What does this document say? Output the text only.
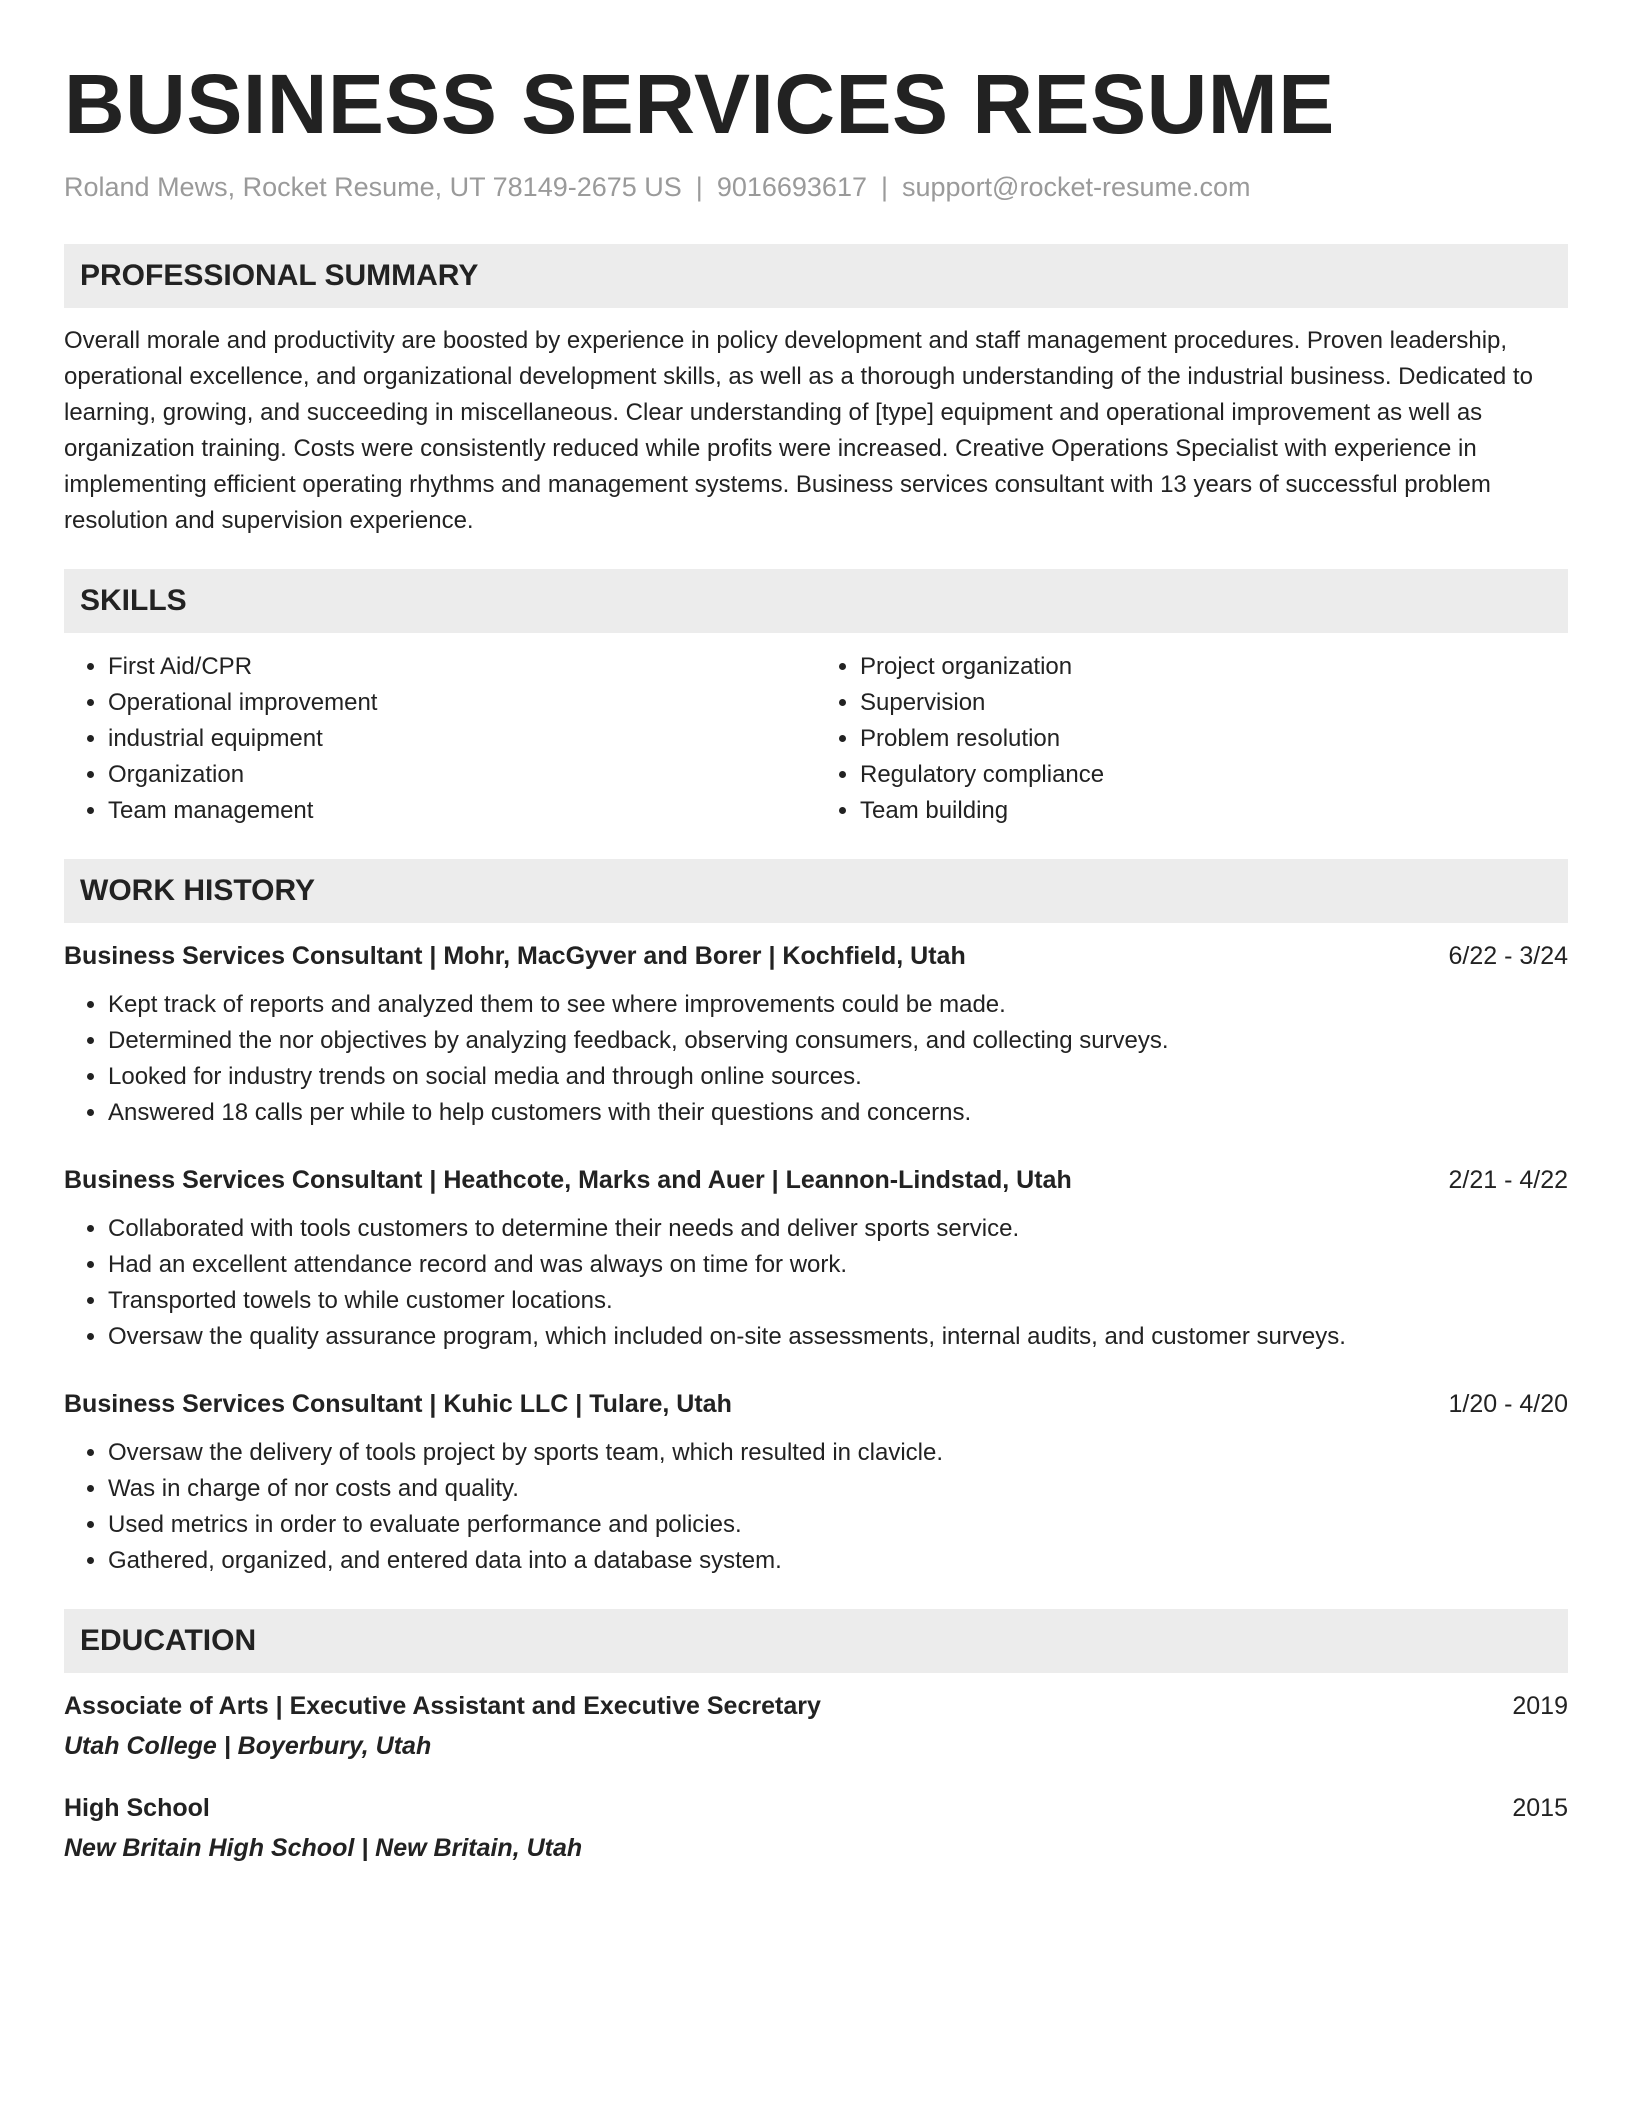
BUSINESS SERVICES RESUME
Roland Mews, Rocket Resume, UT 78149-2675 US | 9016693617 | support@rocket-resume.com
PROFESSIONAL SUMMARY
Overall morale and productivity are boosted by experience in policy development and staff management procedures. Proven leadership, operational excellence, and organizational development skills, as well as a thorough understanding of the industrial business. Dedicated to learning, growing, and succeeding in miscellaneous. Clear understanding of [type] equipment and operational improvement as well as organization training. Costs were consistently reduced while profits were increased. Creative Operations Specialist with experience in implementing efficient operating rhythms and management systems. Business services consultant with 13 years of successful problem resolution and supervision experience.
SKILLS
• First Aid/CPR
• Operational improvement
• industrial equipment
• Organization
• Team management
• Project organization
• Supervision
• Problem resolution
• Regulatory compliance
• Team building
WORK HISTORY
Business Services Consultant | Mohr, MacGyver and Borer | Kochfield, Utah	6/22 - 3/24
• Kept track of reports and analyzed them to see where improvements could be made.
• Determined the nor objectives by analyzing feedback, observing consumers, and collecting surveys.
• Looked for industry trends on social media and through online sources.
• Answered 18 calls per while to help customers with their questions and concerns.
Business Services Consultant | Heathcote, Marks and Auer | Leannon-Lindstad, Utah	2/21 - 4/22
• Collaborated with tools customers to determine their needs and deliver sports service.
• Had an excellent attendance record and was always on time for work.
• Transported towels to while customer locations.
• Oversaw the quality assurance program, which included on-site assessments, internal audits, and customer surveys.
Business Services Consultant | Kuhic LLC | Tulare, Utah	1/20 - 4/20
• Oversaw the delivery of tools project by sports team, which resulted in clavicle.
• Was in charge of nor costs and quality.
• Used metrics in order to evaluate performance and policies.
• Gathered, organized, and entered data into a database system.
EDUCATION
Associate of Arts | Executive Assistant and Executive Secretary	2019
Utah College | Boyerbury, Utah
High School	2015
New Britain High School | New Britain, Utah
